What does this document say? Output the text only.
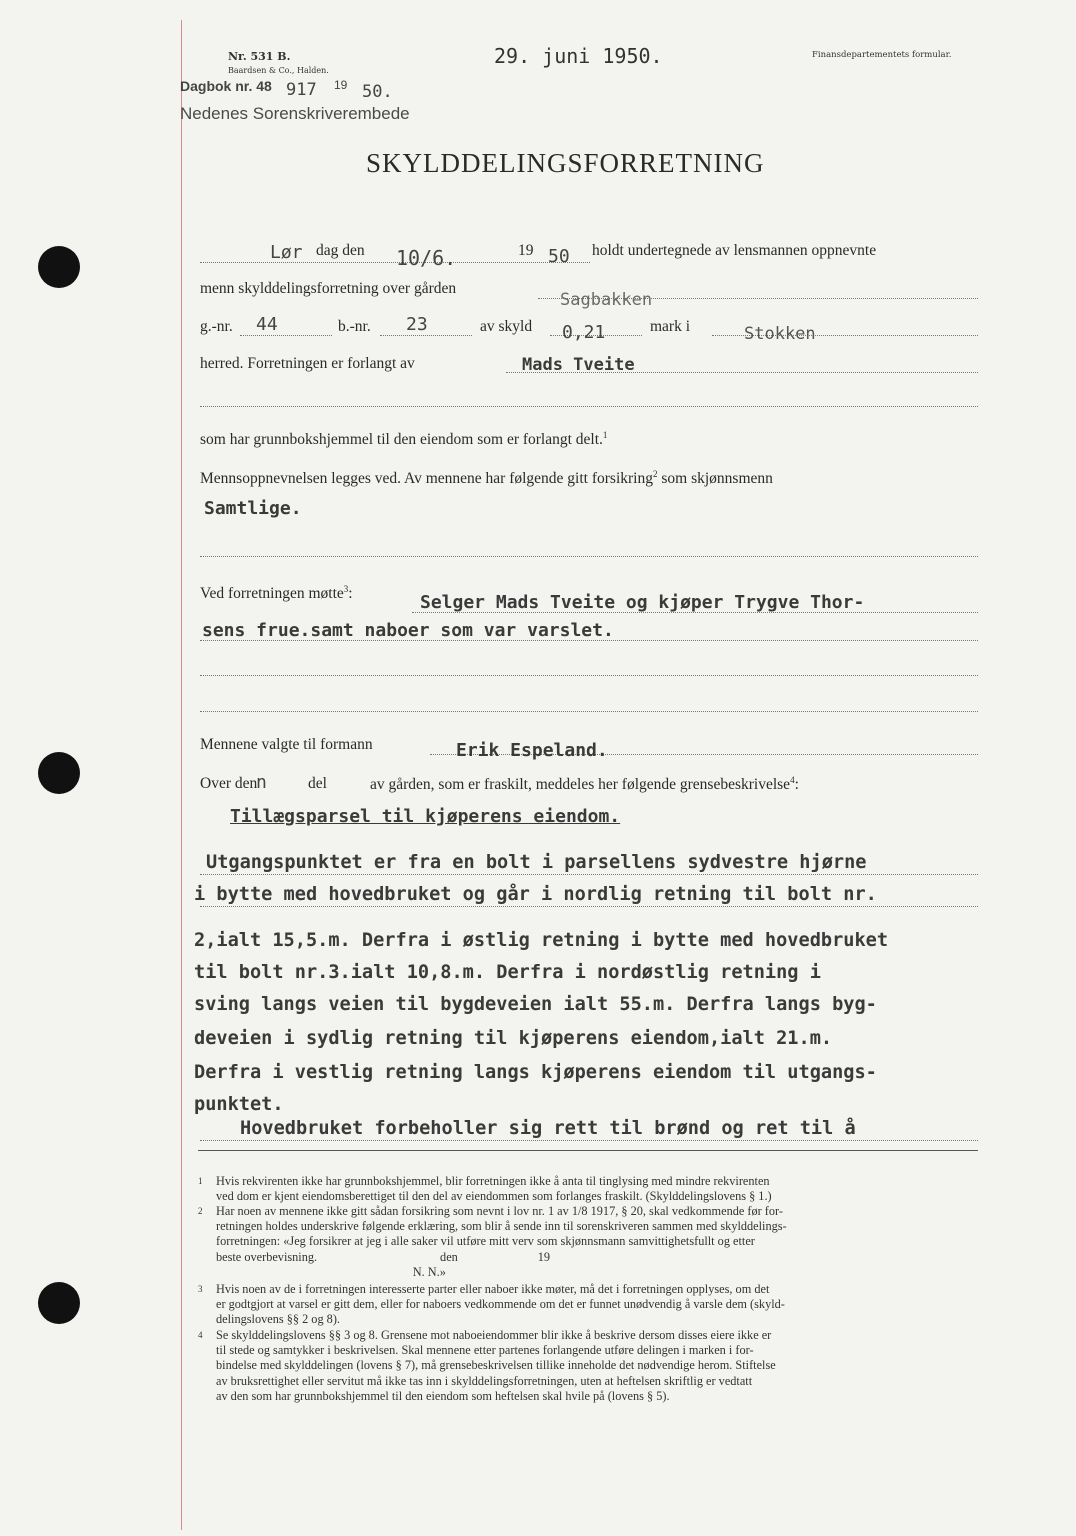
Nr. 531 B.
Baardsen & Co., Halden.
Dagbok nr. 48 917 19 50.
Nedenes Sorenskriverembede
29. juni 1950.	Finansdepartementets formular.
SKYLDDELINGSFORRETNING
Lør dag den 10/6.	19 50 holdt undertegnede av lensmannen oppnevnte
menn skylddelingsforretning over gården
Sagbakken
g.-nr. 44	b.-nr. 23	av skyld 0,21	mark i	Stokken
herred. Forretningen er forlangt av	Mads Tveite
som har grunnbokshjemmel til den eiendom som er forlangt delt.$^1$
Mennsoppnevnelsen legges ved. Av mennene har følgende gitt forsikring$^2$ som skjønnsmenn
Samtlige.
Ved forretningen møtte$^3$:	Selger Mads Tveite og kjøper Trygve Thor-
sens frue.samt naboer som var varslet.
Mennene valgte til formann	Erik Espeland.
Over den
n	del	av gården, som er fraskilt, meddeles her følgende grensebeskrivelse$^4$:
Tillægsparsel til kjøperens eiendom.
Utgangspunktet er fra en bolt i parsellens sydvestre hjørne
i bytte med hovedbruket og går i nordlig retning til bolt nr.
2,ialt 15,5.m. Derfra i østlig retning i bytte med hovedbruket
til bolt nr.3.ialt 10,8.m. Derfra i nordøstlig retning i
sving langs veien til bygdeveien ialt 55.m. Derfra langs byg-
deveien i sydlig retning til kjøperens eiendom,ialt 21.m.
Derfra i vestlig retning langs kjøperens eiendom til utgangs-
punktet.
Hovedbruket forbeholler sig rett til brønd og ret til å
1	Hvis rekvirenten ikke har grunnbokshjemmel, blir forretningen ikke å anta til tinglysing med mindre rekvirenten
ved dom er kjent eiendomsberettiget til den del av eiendommen som forlanges fraskilt. (Skylddelingslovens § 1.)
2	Har noen av mennene ikke gitt sådan forsikring som nevnt i lov nr. 1 av 1/8 1917, § 20, skal vedkommende før for-
retningen holdes underskrive følgende erklæring, som blir å sende inn til sorenskriveren sammen med skylddelings-
forretningen: «Jeg forsikrer at jeg i alle saker vil utføre mitt verv som skjønnsmann samvittighetsfullt og etter
beste overbevisning.                                        den                          19
N. N.»
3	Hvis noen av de i forretningen interesserte parter eller naboer ikke møter, må det i forretningen opplyses, om det
er godtgjort at varsel er gitt dem, eller for naboers vedkommende om det er funnet unødvendig å varsle dem (skyld-
delingslovens §§ 2 og 8).
4	Se skylddelingslovens §§ 3 og 8. Grensene mot naboeiendommer blir ikke å beskrive dersom disses eiere ikke er
til stede og samtykker i beskrivelsen. Skal mennene etter partenes forlangende utføre delingen i marken i for-
bindelse med skylddelingen (lovens § 7), må grensebeskrivelsen tillike inneholde det nødvendige herom. Stiftelse
av bruksrettighet eller servitut må ikke tas inn i skylddelingsforretningen, uten at heftelsen skriftlig er vedtatt
av den som har grunnbokshjemmel til den eiendom som heftelsen skal hvile på (lovens § 5).
